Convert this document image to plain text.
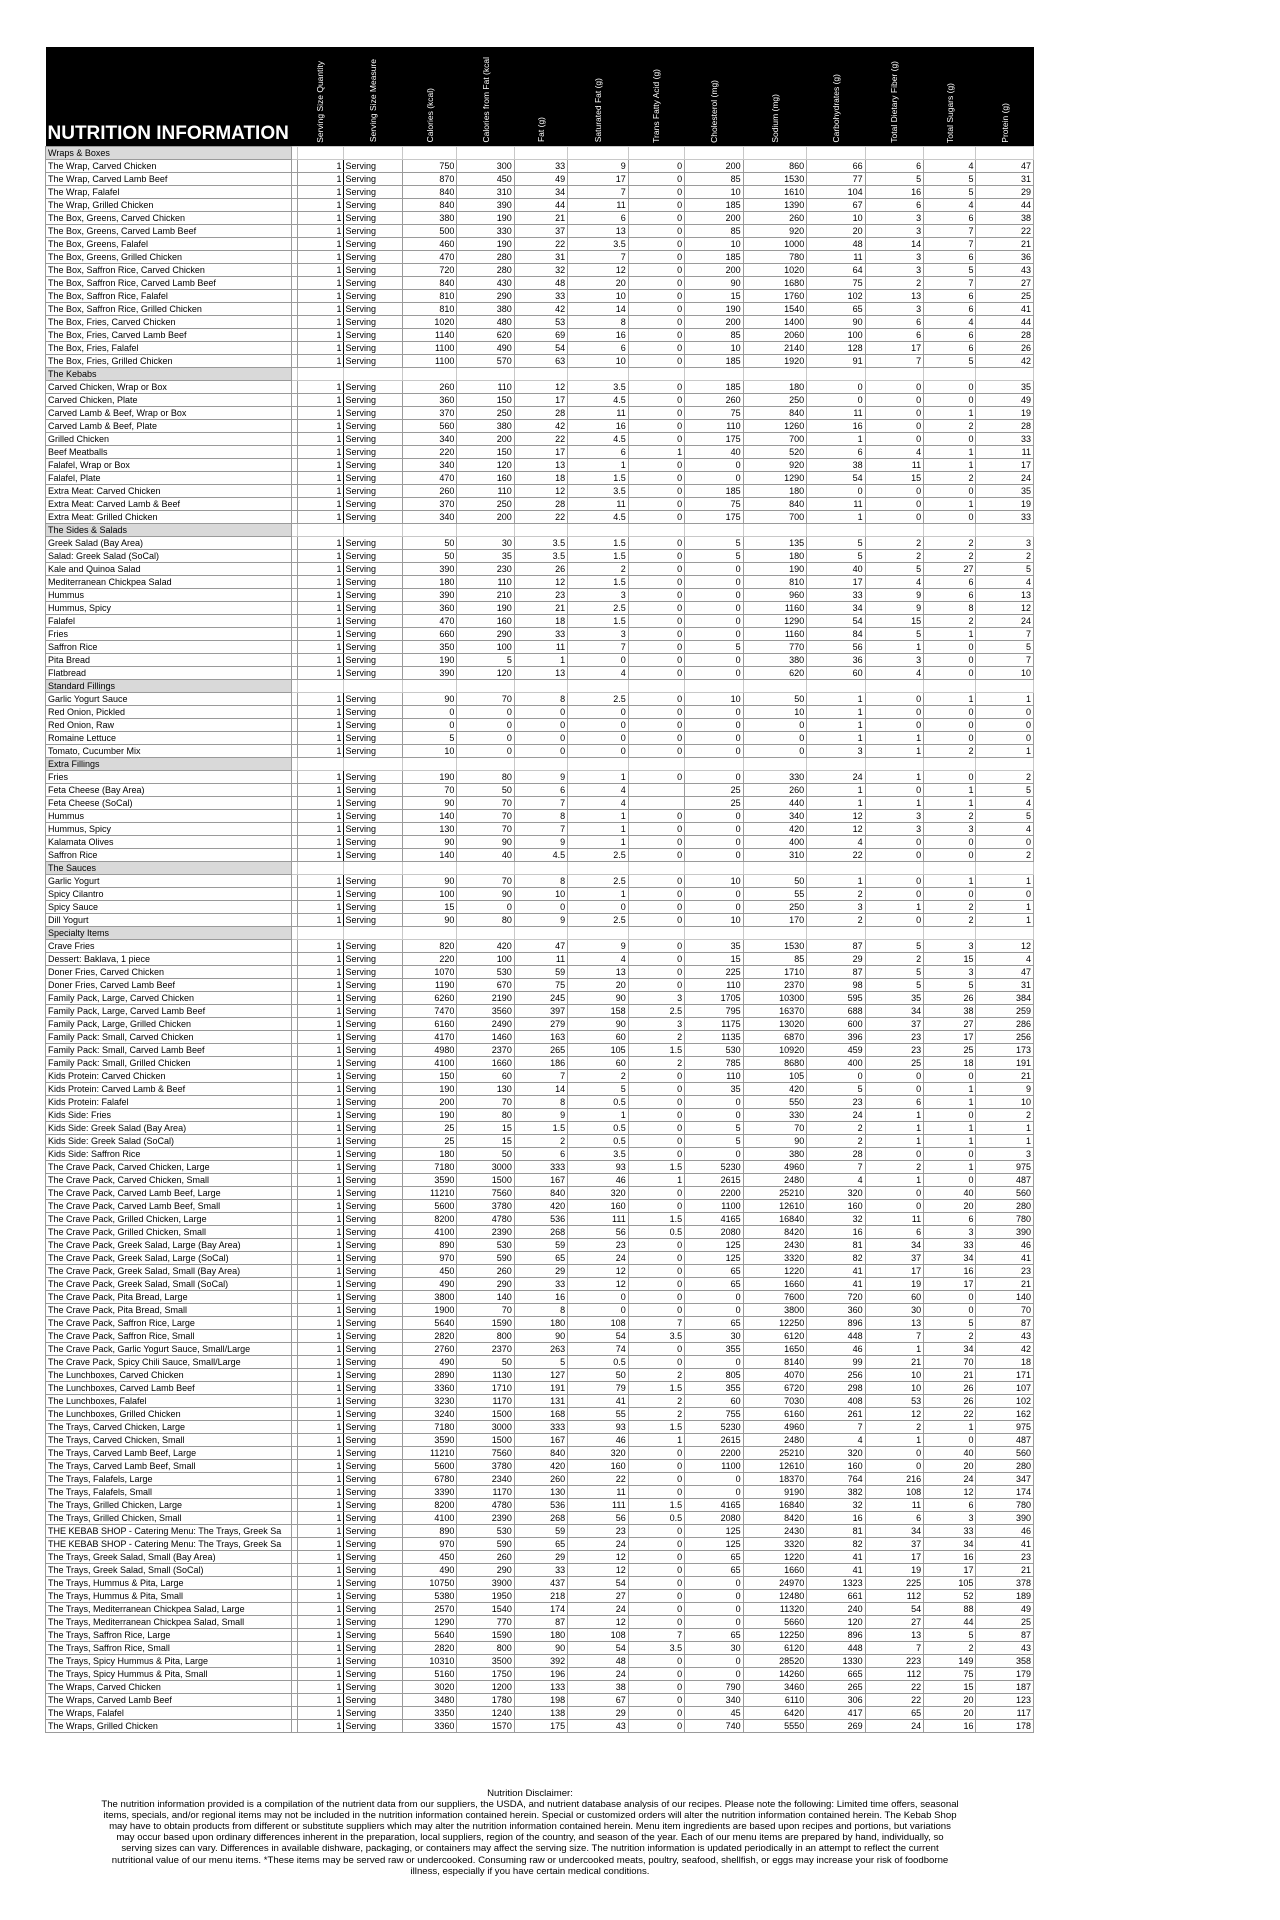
NUTRITION INFORMATION		Serving Size Quantity	Serving Size Measure	Calories (kcal)	Calories from Fat (kcal	Fat (g)	Saturated Fat (g)	Trans Fatty Acid (g)	Cholesterol (mg)	Sodium (mg)	Carbohydrates (g)	Total Dietary Fiber (g)	Total Sugars (g)	Protein (g)

Wraps & Boxes														
The Wrap, Carved Chicken		1	Serving	750	300	33	9	0	200	860	66	6	4	47
The Wrap, Carved Lamb Beef		1	Serving	870	450	49	17	0	85	1530	77	5	5	31
The Wrap, Falafel		1	Serving	840	310	34	7	0	10	1610	104	16	5	29
The Wrap, Grilled Chicken		1	Serving	840	390	44	11	0	185	1390	67	6	4	44
The Box, Greens, Carved Chicken		1	Serving	380	190	21	6	0	200	260	10	3	6	38
The Box, Greens, Carved Lamb Beef		1	Serving	500	330	37	13	0	85	920	20	3	7	22
The Box, Greens, Falafel		1	Serving	460	190	22	3.5	0	10	1000	48	14	7	21
The Box, Greens, Grilled Chicken		1	Serving	470	280	31	7	0	185	780	11	3	6	36
The Box, Saffron Rice, Carved Chicken		1	Serving	720	280	32	12	0	200	1020	64	3	5	43
The Box, Saffron Rice, Carved Lamb Beef		1	Serving	840	430	48	20	0	90	1680	75	2	7	27
The Box, Saffron Rice, Falafel		1	Serving	810	290	33	10	0	15	1760	102	13	6	25
The Box, Saffron Rice, Grilled Chicken		1	Serving	810	380	42	14	0	190	1540	65	3	6	41
The Box, Fries, Carved Chicken		1	Serving	1020	480	53	8	0	200	1400	90	6	4	44
The Box, Fries, Carved Lamb Beef		1	Serving	1140	620	69	16	0	85	2060	100	6	6	28
The Box, Fries, Falafel		1	Serving	1100	490	54	6	0	10	2140	128	17	6	26
The Box, Fries, Grilled Chicken		1	Serving	1100	570	63	10	0	185	1920	91	7	5	42
The Kebabs														
Carved Chicken, Wrap or Box		1	Serving	260	110	12	3.5	0	185	180	0	0	0	35
Carved Chicken, Plate		1	Serving	360	150	17	4.5	0	260	250	0	0	0	49
Carved Lamb & Beef, Wrap or Box		1	Serving	370	250	28	11	0	75	840	11	0	1	19
Carved Lamb & Beef, Plate		1	Serving	560	380	42	16	0	110	1260	16	0	2	28
Grilled Chicken		1	Serving	340	200	22	4.5	0	175	700	1	0	0	33
Beef Meatballs		1	Serving	220	150	17	6	1	40	520	6	4	1	11
Falafel, Wrap or Box		1	Serving	340	120	13	1	0	0	920	38	11	1	17
Falafel, Plate		1	Serving	470	160	18	1.5	0	0	1290	54	15	2	24
Extra Meat: Carved Chicken		1	Serving	260	110	12	3.5	0	185	180	0	0	0	35
Extra Meat: Carved Lamb & Beef		1	Serving	370	250	28	11	0	75	840	11	0	1	19
Extra Meat: Grilled Chicken		1	Serving	340	200	22	4.5	0	175	700	1	0	0	33
The Sides & Salads														
Greek Salad (Bay Area)		1	Serving	50	30	3.5	1.5	0	5	135	5	2	2	3
Salad: Greek Salad (SoCal)		1	Serving	50	35	3.5	1.5	0	5	180	5	2	2	2
Kale and Quinoa Salad		1	Serving	390	230	26	2	0	0	190	40	5	27	5
Mediterranean Chickpea Salad		1	Serving	180	110	12	1.5	0	0	810	17	4	6	4
Hummus		1	Serving	390	210	23	3	0	0	960	33	9	6	13
Hummus, Spicy		1	Serving	360	190	21	2.5	0	0	1160	34	9	8	12
Falafel		1	Serving	470	160	18	1.5	0	0	1290	54	15	2	24
Fries		1	Serving	660	290	33	3	0	0	1160	84	5	1	7
Saffron Rice		1	Serving	350	100	11	7	0	5	770	56	1	0	5
Pita Bread		1	Serving	190	5	1	0	0	0	380	36	3	0	7
Flatbread		1	Serving	390	120	13	4	0	0	620	60	4	0	10
Standard Fillings														
Garlic Yogurt Sauce		1	Serving	90	70	8	2.5	0	10	50	1	0	1	1
Red Onion, Pickled		1	Serving	0	0	0	0	0	0	10	1	0	0	0
Red Onion, Raw		1	Serving	0	0	0	0	0	0	0	1	0	0	0
Romaine Lettuce		1	Serving	5	0	0	0	0	0	0	1	1	0	0
Tomato, Cucumber Mix		1	Serving	10	0	0	0	0	0	0	3	1	2	1
Extra Fillings														
Fries		1	Serving	190	80	9	1	0	0	330	24	1	0	2
Feta Cheese (Bay Area)		1	Serving	70	50	6	4		25	260	1	0	1	5
Feta Cheese (SoCal)		1	Serving	90	70	7	4		25	440	1	1	1	4
Hummus		1	Serving	140	70	8	1	0	0	340	12	3	2	5
Hummus, Spicy		1	Serving	130	70	7	1	0	0	420	12	3	3	4
Kalamata Olives		1	Serving	90	90	9	1	0	0	400	4	0	0	0
Saffron Rice		1	Serving	140	40	4.5	2.5	0	0	310	22	0	0	2
The Sauces														
Garlic Yogurt		1	Serving	90	70	8	2.5	0	10	50	1	0	1	1
Spicy Cilantro		1	Serving	100	90	10	1	0	0	55	2	0	0	0
Spicy Sauce		1	Serving	15	0	0	0	0	0	250	3	1	2	1
Dill Yogurt		1	Serving	90	80	9	2.5	0	10	170	2	0	2	1
Specialty Items														
Crave Fries		1	Serving	820	420	47	9	0	35	1530	87	5	3	12
Dessert: Baklava, 1 piece		1	Serving	220	100	11	4	0	15	85	29	2	15	4
Doner Fries, Carved Chicken		1	Serving	1070	530	59	13	0	225	1710	87	5	3	47
Doner Fries, Carved Lamb Beef		1	Serving	1190	670	75	20	0	110	2370	98	5	5	31
Family Pack, Large, Carved Chicken		1	Serving	6260	2190	245	90	3	1705	10300	595	35	26	384
Family Pack, Large, Carved Lamb Beef		1	Serving	7470	3560	397	158	2.5	795	16370	688	34	38	259
Family Pack, Large, Grilled Chicken		1	Serving	6160	2490	279	90	3	1175	13020	600	37	27	286
Family Pack: Small, Carved Chicken		1	Serving	4170	1460	163	60	2	1135	6870	396	23	17	256
Family Pack: Small, Carved Lamb Beef		1	Serving	4980	2370	265	105	1.5	530	10920	459	23	25	173
Family Pack: Small, Grilled Chicken		1	Serving	4100	1660	186	60	2	785	8680	400	25	18	191
Kids Protein: Carved Chicken		1	Serving	150	60	7	2	0	110	105	0	0	0	21
Kids Protein: Carved Lamb & Beef		1	Serving	190	130	14	5	0	35	420	5	0	1	9
Kids Protein: Falafel		1	Serving	200	70	8	0.5	0	0	550	23	6	1	10
Kids Side: Fries		1	Serving	190	80	9	1	0	0	330	24	1	0	2
Kids Side: Greek Salad (Bay Area)		1	Serving	25	15	1.5	0.5	0	5	70	2	1	1	1
Kids Side: Greek Salad (SoCal)		1	Serving	25	15	2	0.5	0	5	90	2	1	1	1
Kids Side: Saffron Rice		1	Serving	180	50	6	3.5	0	0	380	28	0	0	3
The Crave Pack, Carved Chicken, Large		1	Serving	7180	3000	333	93	1.5	5230	4960	7	2	1	975
The Crave Pack, Carved Chicken, Small		1	Serving	3590	1500	167	46	1	2615	2480	4	1	0	487
The Crave Pack, Carved Lamb Beef, Large		1	Serving	11210	7560	840	320	0	2200	25210	320	0	40	560
The Crave Pack, Carved Lamb Beef, Small		1	Serving	5600	3780	420	160	0	1100	12610	160	0	20	280
The Crave Pack, Grilled Chicken, Large		1	Serving	8200	4780	536	111	1.5	4165	16840	32	11	6	780
The Crave Pack, Grilled Chicken, Small		1	Serving	4100	2390	268	56	0.5	2080	8420	16	6	3	390
The Crave Pack, Greek Salad, Large (Bay Area)		1	Serving	890	530	59	23	0	125	2430	81	34	33	46
The Crave Pack, Greek Salad, Large (SoCal)		1	Serving	970	590	65	24	0	125	3320	82	37	34	41
The Crave Pack, Greek Salad, Small (Bay Area)		1	Serving	450	260	29	12	0	65	1220	41	17	16	23
The Crave Pack, Greek Salad, Small (SoCal)		1	Serving	490	290	33	12	0	65	1660	41	19	17	21
The Crave Pack, Pita Bread, Large		1	Serving	3800	140	16	0	0	0	7600	720	60	0	140
The Crave Pack, Pita Bread, Small		1	Serving	1900	70	8	0	0	0	3800	360	30	0	70
The Crave Pack, Saffron Rice, Large		1	Serving	5640	1590	180	108	7	65	12250	896	13	5	87
The Crave Pack, Saffron Rice, Small		1	Serving	2820	800	90	54	3.5	30	6120	448	7	2	43
The Crave Pack, Garlic Yogurt Sauce, Small/Large		1	Serving	2760	2370	263	74	0	355	1650	46	1	34	42
The Crave Pack, Spicy Chili Sauce, Small/Large		1	Serving	490	50	5	0.5	0	0	8140	99	21	70	18
The Lunchboxes, Carved Chicken		1	Serving	2890	1130	127	50	2	805	4070	256	10	21	171
The Lunchboxes, Carved Lamb Beef		1	Serving	3360	1710	191	79	1.5	355	6720	298	10	26	107
The Lunchboxes, Falafel		1	Serving	3230	1170	131	41	2	60	7030	408	53	26	102
The Lunchboxes, Grilled Chicken		1	Serving	3240	1500	168	55	2	755	6160	261	12	22	162
The Trays, Carved Chicken, Large		1	Serving	7180	3000	333	93	1.5	5230	4960	7	2	1	975
The Trays, Carved Chicken, Small		1	Serving	3590	1500	167	46	1	2615	2480	4	1	0	487
The Trays, Carved Lamb Beef, Large		1	Serving	11210	7560	840	320	0	2200	25210	320	0	40	560
The Trays, Carved Lamb Beef, Small		1	Serving	5600	3780	420	160	0	1100	12610	160	0	20	280
The Trays, Falafels, Large		1	Serving	6780	2340	260	22	0	0	18370	764	216	24	347
The Trays, Falafels, Small		1	Serving	3390	1170	130	11	0	0	9190	382	108	12	174
The Trays, Grilled Chicken, Large		1	Serving	8200	4780	536	111	1.5	4165	16840	32	11	6	780
The Trays, Grilled Chicken, Small		1	Serving	4100	2390	268	56	0.5	2080	8420	16	6	3	390
THE KEBAB SHOP - Catering Menu: The Trays, Greek Sa		1	Serving	890	530	59	23	0	125	2430	81	34	33	46
THE KEBAB SHOP - Catering Menu: The Trays, Greek Sa		1	Serving	970	590	65	24	0	125	3320	82	37	34	41
The Trays, Greek Salad, Small (Bay Area)		1	Serving	450	260	29	12	0	65	1220	41	17	16	23
The Trays, Greek Salad, Small (SoCal)		1	Serving	490	290	33	12	0	65	1660	41	19	17	21
The Trays, Hummus & Pita, Large		1	Serving	10750	3900	437	54	0	0	24970	1323	225	105	378
The Trays, Hummus & Pita, Small		1	Serving	5380	1950	218	27	0	0	12480	661	112	52	189
The Trays, Mediterranean Chickpea Salad, Large		1	Serving	2570	1540	174	24	0	0	11320	240	54	88	49
The Trays, Mediterranean Chickpea Salad, Small		1	Serving	1290	770	87	12	0	0	5660	120	27	44	25
The Trays, Saffron Rice, Large		1	Serving	5640	1590	180	108	7	65	12250	896	13	5	87
The Trays, Saffron Rice, Small		1	Serving	2820	800	90	54	3.5	30	6120	448	7	2	43
The Trays, Spicy Hummus & Pita, Large		1	Serving	10310	3500	392	48	0	0	28520	1330	223	149	358
The Trays, Spicy Hummus & Pita, Small		1	Serving	5160	1750	196	24	0	0	14260	665	112	75	179
The Wraps, Carved Chicken		1	Serving	3020	1200	133	38	0	790	3460	265	22	15	187
The Wraps, Carved Lamb Beef		1	Serving	3480	1780	198	67	0	340	6110	306	22	20	123
The Wraps, Falafel		1	Serving	3350	1240	138	29	0	45	6420	417	65	20	117
The Wraps, Grilled Chicken		1	Serving	3360	1570	175	43	0	740	5550	269	24	16	178
Nutrition Disclaimer:
The nutrition information provided is a compilation of the nutrient data from our suppliers, the USDA, and nutrient database analysis of our recipes. Please note the following: Limited time offers, seasonal items, specials, and/or regional items may not be included in the nutrition information contained herein. Special or customized orders will alter the nutrition information contained herein. The Kebab Shop may have to obtain products from different or substitute suppliers which may alter the nutrition information contained herein. Menu item ingredients are based upon recipes and portions, but variations may occur based upon ordinary differences inherent in the preparation, local suppliers, region of the country, and season of the year. Each of our menu items are prepared by hand, individually, so serving sizes can vary. Differences in available dishware, packaging, or containers may affect the serving size. The nutrition information is updated periodically in an attempt to reflect the current nutritional value of our menu items. *These items may be served raw or undercooked. Consuming raw or undercooked meats, poultry, seafood, shellfish, or eggs may increase your risk of foodborne illness, especially if you have certain medical conditions.
